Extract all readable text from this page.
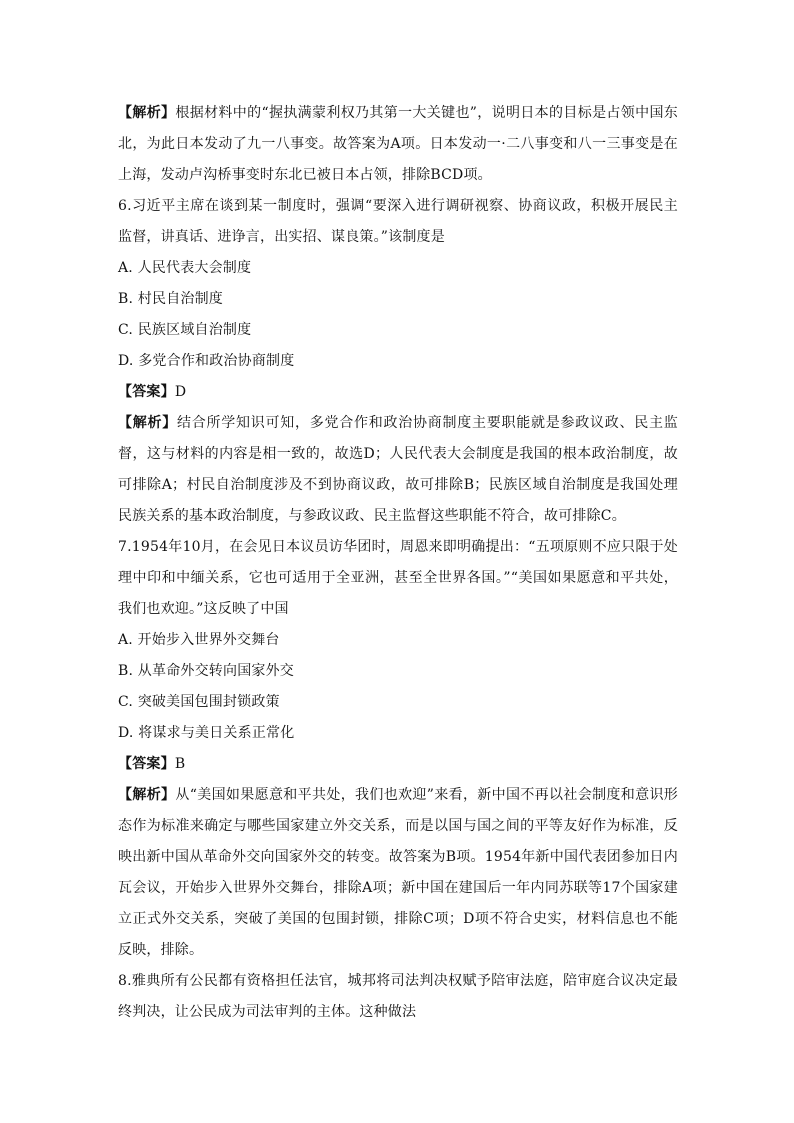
【解析】根据材料中的“握执满蒙利权乃其第一大关键也”，说明日本的目标是占领中国东北，为此日本发动了九一八事变。故答案为A项。日本发动一·二八事变和八一三事变是在上海，发动卢沟桥事变时东北已被日本占领，排除BCD项。

6.习近平主席在谈到某一制度时，强调“要深入进行调研视察、协商议政，积极开展民主监督，讲真话、进诤言，出实招、谋良策。”该制度是

A. 人民代表大会制度

B. 村民自治制度

C. 民族区域自治制度

D. 多党合作和政治协商制度

【答案】D

【解析】结合所学知识可知，多党合作和政治协商制度主要职能就是参政议政、民主监督，这与材料的内容是相一致的，故选D；人民代表大会制度是我国的根本政治制度，故可排除A；村民自治制度涉及不到协商议政，故可排除B；民族区域自治制度是我国处理民族关系的基本政治制度，与参政议政、民主监督这些职能不符合，故可排除C。

7.1954年10月，在会见日本议员访华团时，周恩来即明确提出：“五项原则不应只限于处理中印和中缅关系，它也可适用于全亚洲，甚至全世界各国。”“美国如果愿意和平共处，我们也欢迎。”这反映了中国

A. 开始步入世界外交舞台

B. 从革命外交转向国家外交

C. 突破美国包围封锁政策

D. 将谋求与美日关系正常化

【答案】B

【解析】从“美国如果愿意和平共处，我们也欢迎”来看，新中国不再以社会制度和意识形态作为标准来确定与哪些国家建立外交关系，而是以国与国之间的平等友好作为标准，反映出新中国从革命外交向国家外交的转变。故答案为B项。1954年新中国代表团参加日内瓦会议，开始步入世界外交舞台，排除A项；新中国在建国后一年内同苏联等17个国家建立正式外交关系，突破了美国的包围封锁，排除C项；D项不符合史实，材料信息也不能反映，排除。

8.雅典所有公民都有资格担任法官，城邦将司法判决权赋予陪审法庭，陪审庭合议决定最终判决，让公民成为司法审判的主体。这种做法
